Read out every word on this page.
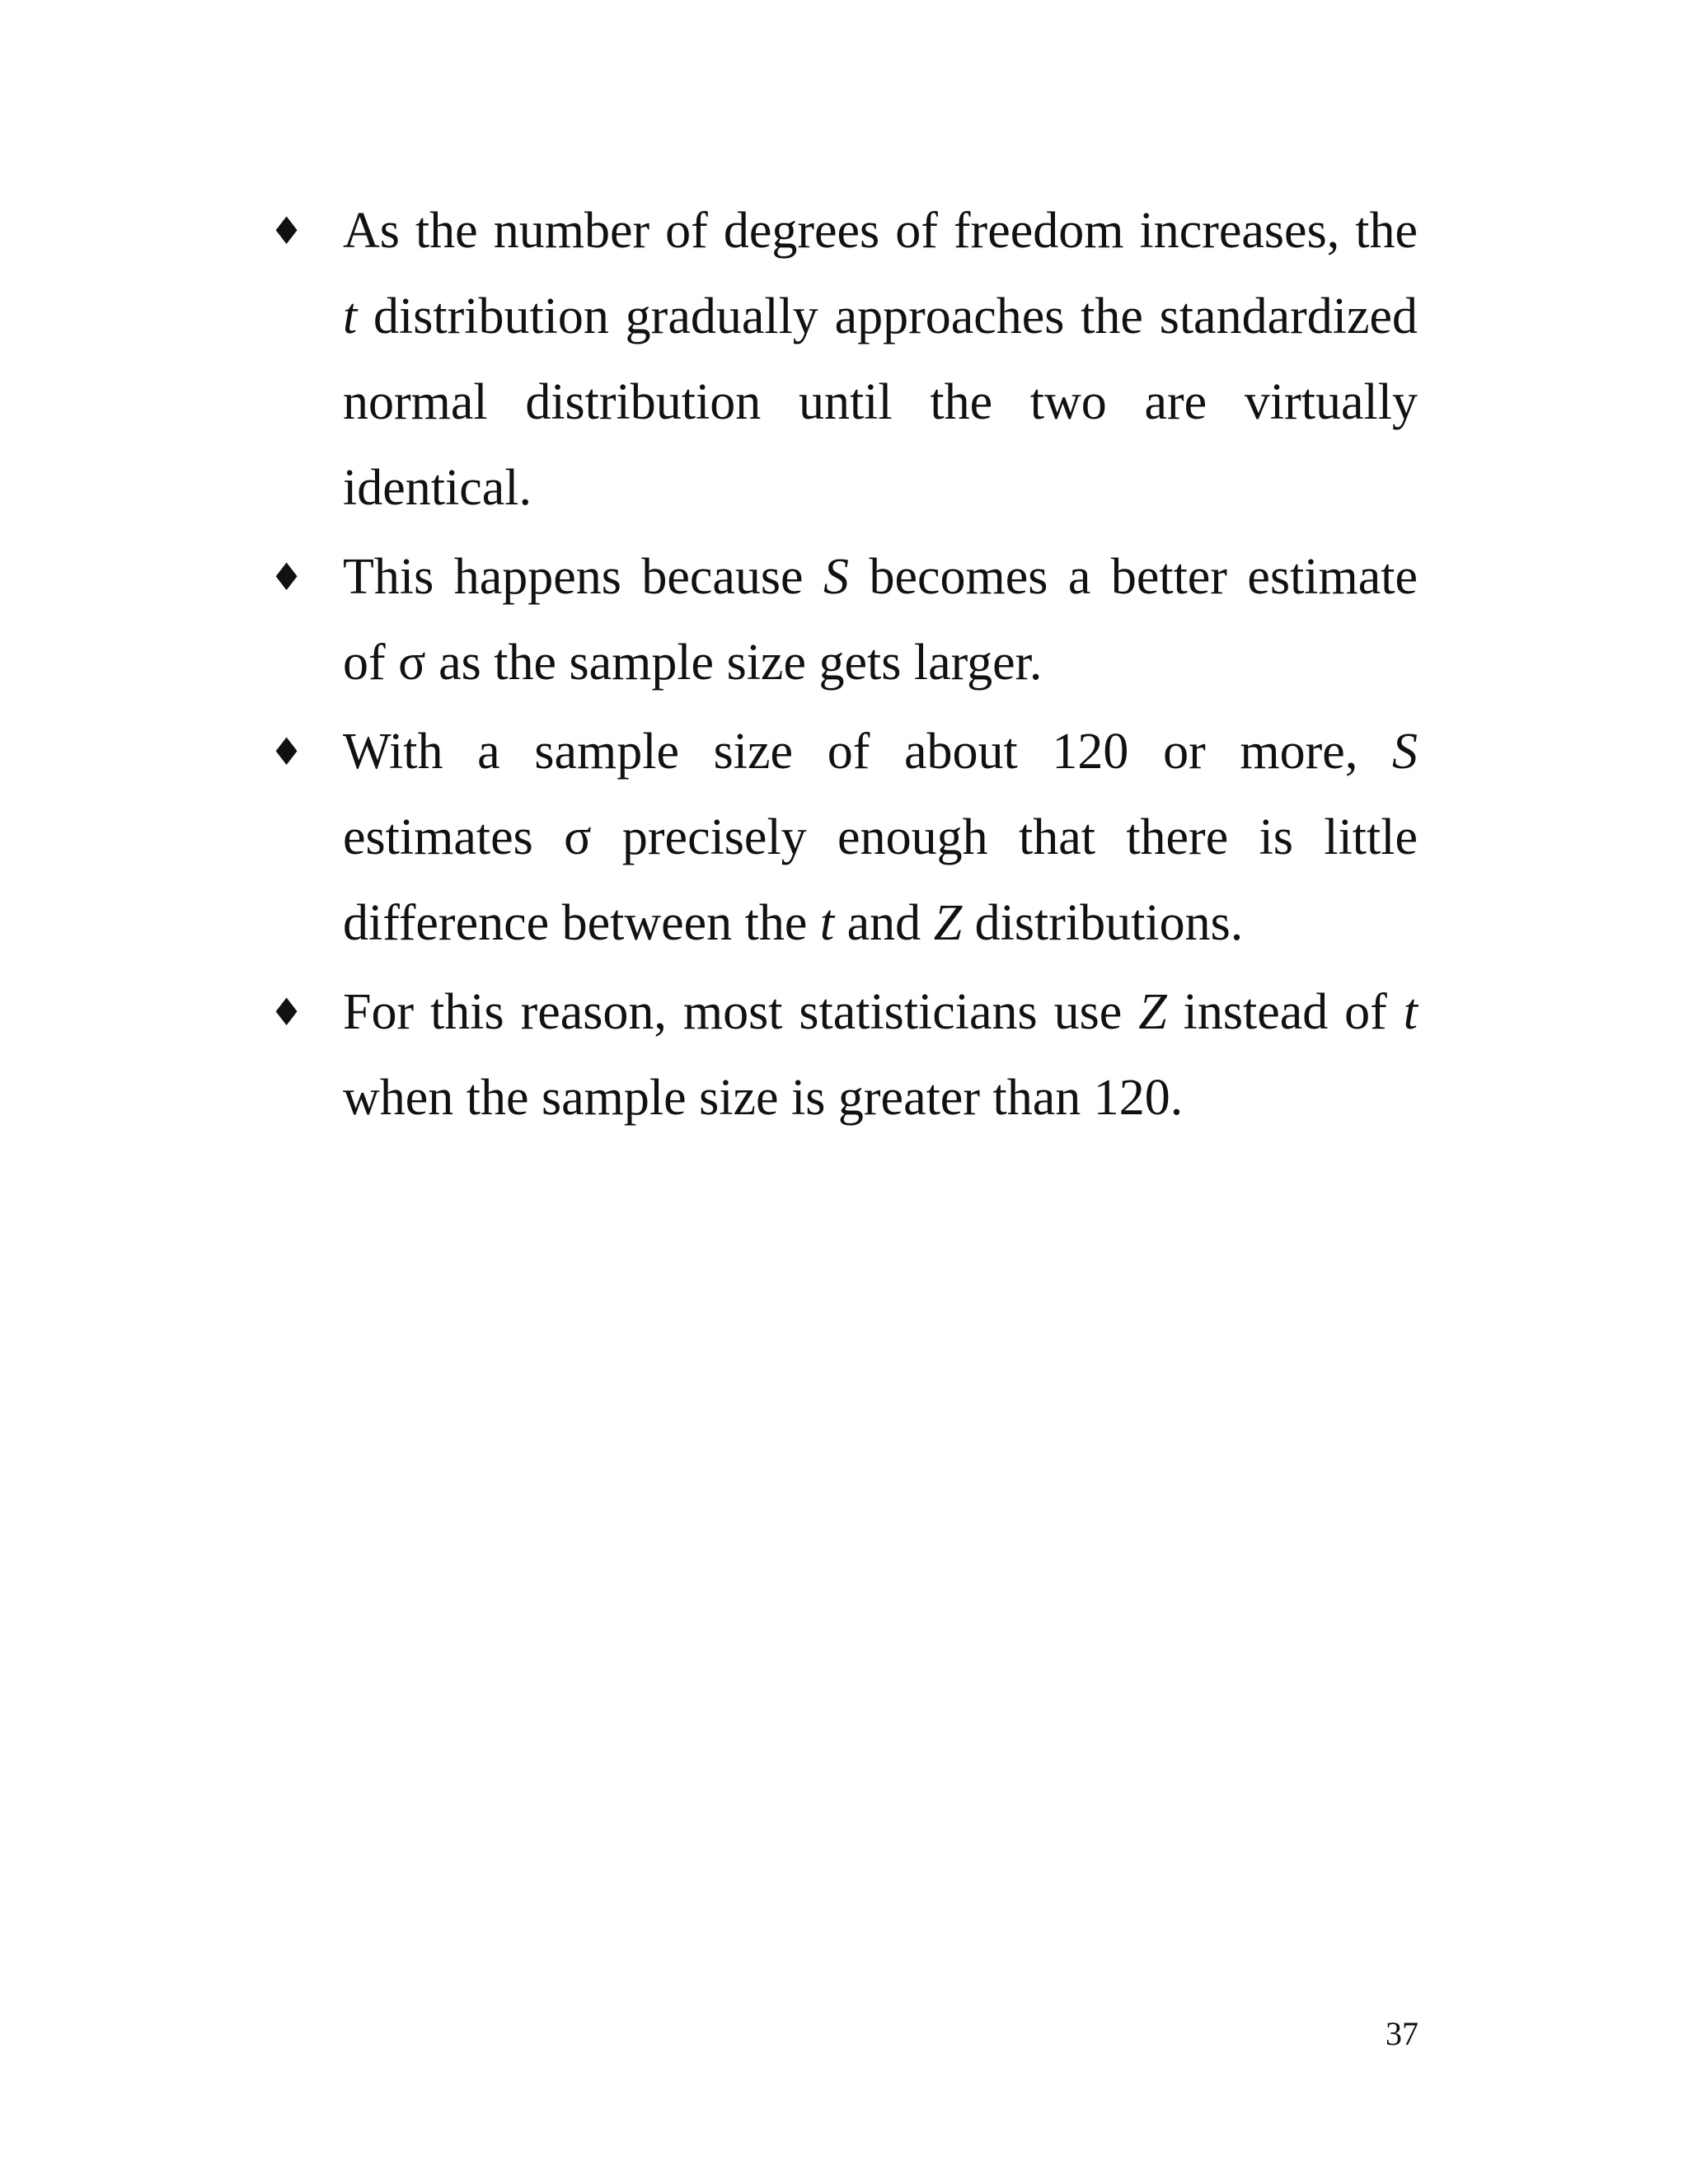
♦ As the number of degrees of freedom increases, the t distribution gradually approaches the standardized normal distribution until the two are virtually identical.
♦ This happens because S becomes a better estimate of σ as the sample size gets larger.
♦ With a sample size of about 120 or more, S estimates σ precisely enough that there is little difference between the t and Z distributions.
♦ For this reason, most statisticians use Z instead of t when the sample size is greater than 120.
37
